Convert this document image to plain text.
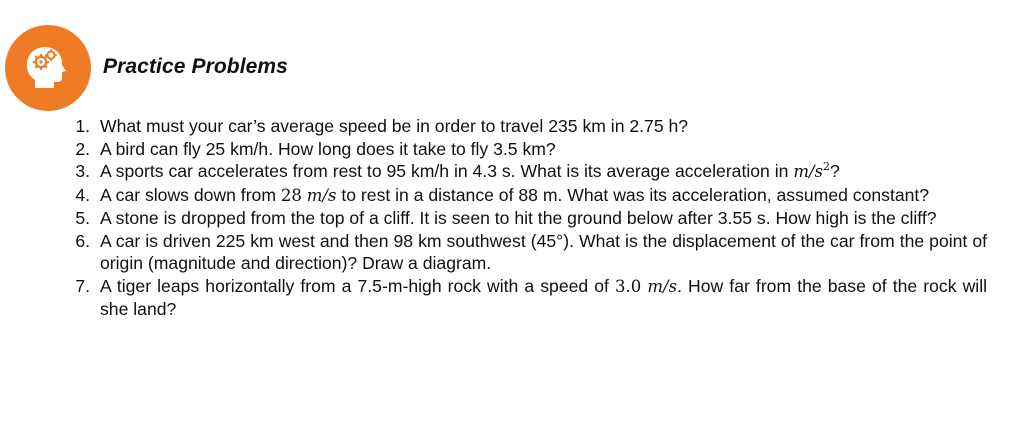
Practice Problems
1. What must your car’s average speed be in order to travel 235 km in 2.75 h?
2. A bird can fly 25 km/h. How long does it take to fly 3.5 km?
3. A sports car accelerates from rest to 95 km/h in 4.3 s. What is its average acceleration in $m/s^2$?
4. A car slows down from 28 m/s to rest in a distance of 88 m. What was its acceleration, assumed constant?
5. A stone is dropped from the top of a cliff. It is seen to hit the ground below after 3.55 s. How high is the cliff?
6. A car is driven 225 km west and then 98 km southwest (45°). What is the displacement of the car from the point of origin (magnitude and direction)? Draw a diagram.
7. A tiger leaps horizontally from a 7.5-m-high rock with a speed of 3.0 m/s. How far from the base of the rock will she land?
